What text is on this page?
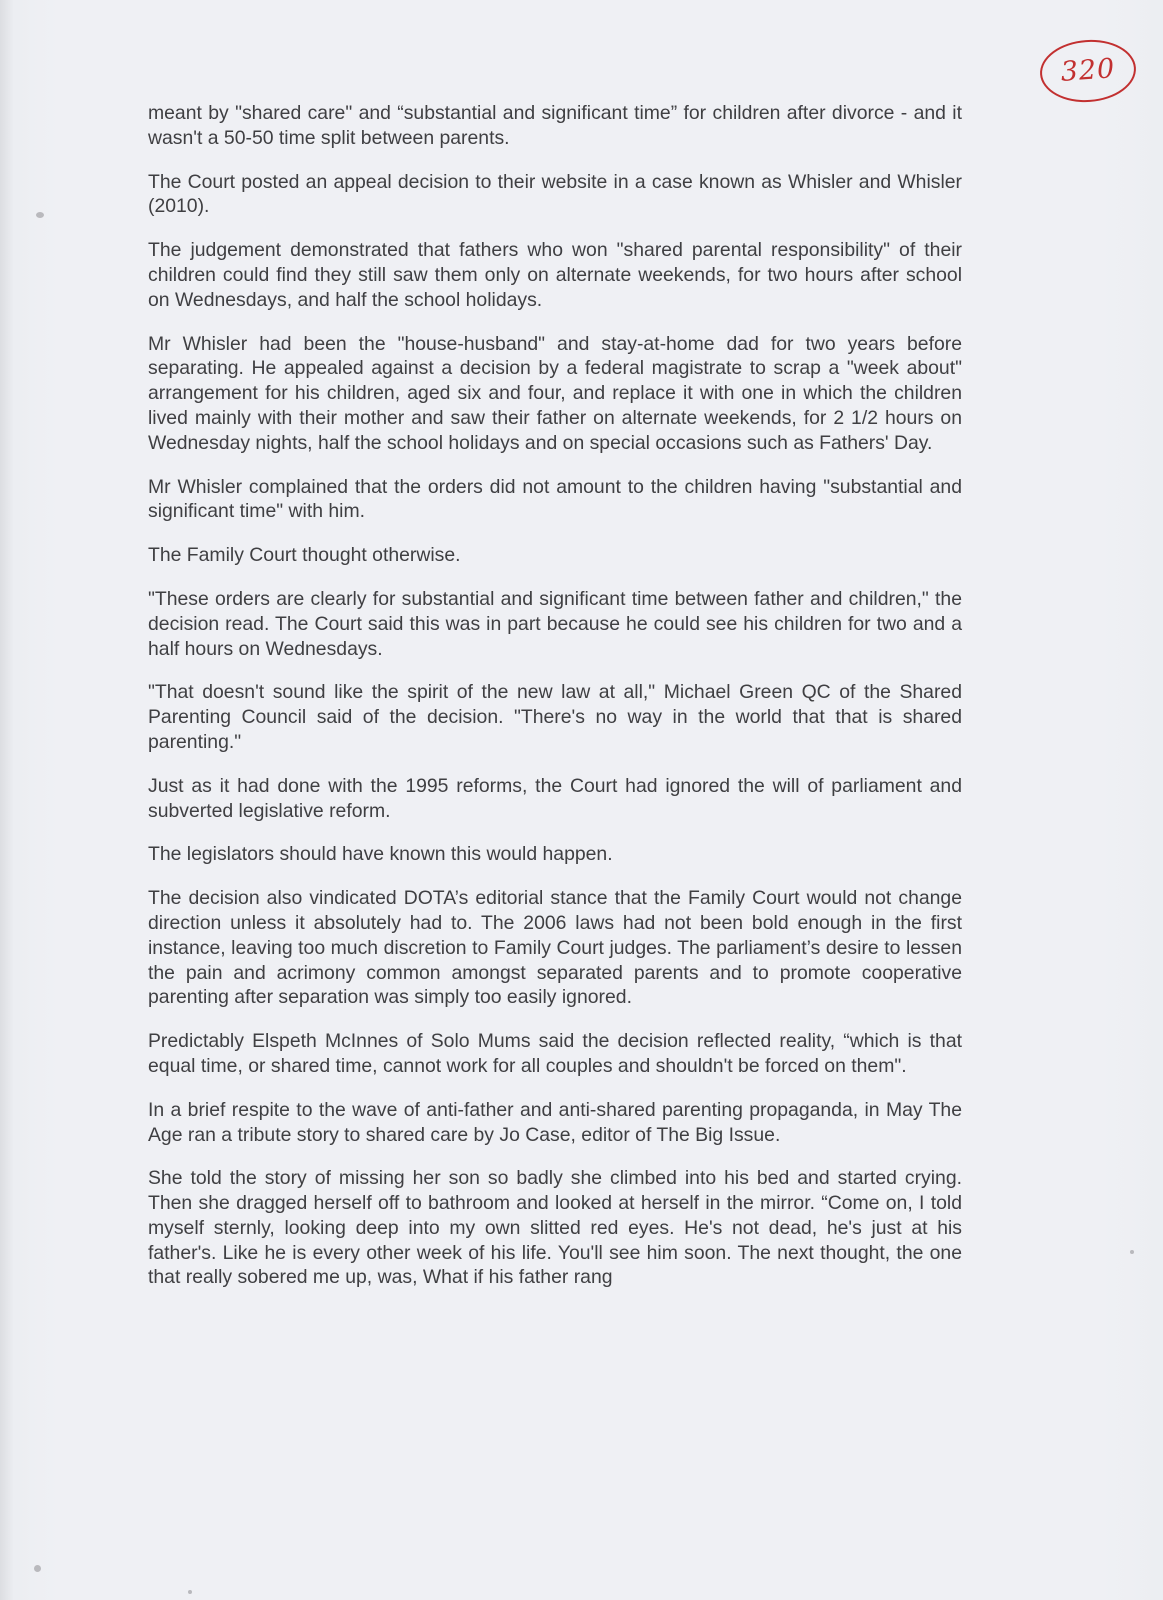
320

meant by "shared care" and “substantial and significant time” for children after divorce - and it wasn't a 50-50 time split between parents.

The Court posted an appeal decision to their website in a case known as Whisler and Whisler (2010).

The judgement demonstrated that fathers who won "shared parental responsibility" of their children could find they still saw them only on alternate weekends, for two hours after school on Wednesdays, and half the school holidays.

Mr Whisler had been the "house-husband" and stay-at-home dad for two years before separating. He appealed against a decision by a federal magistrate to scrap a "week about" arrangement for his children, aged six and four, and replace it with one in which the children lived mainly with their mother and saw their father on alternate weekends, for 2 1/2 hours on Wednesday nights, half the school holidays and on special occasions such as Fathers' Day.

Mr Whisler complained that the orders did not amount to the children having "substantial and significant time" with him.

The Family Court thought otherwise.

"These orders are clearly for substantial and significant time between father and children," the decision read. The Court said this was in part because he could see his children for two and a half hours on Wednesdays.

"That doesn't sound like the spirit of the new law at all," Michael Green QC of the Shared Parenting Council said of the decision. "There's no way in the world that that is shared parenting."

Just as it had done with the 1995 reforms, the Court had ignored the will of parliament and subverted legislative reform.

The legislators should have known this would happen.

The decision also vindicated DOTA’s editorial stance that the Family Court would not change direction unless it absolutely had to. The 2006 laws had not been bold enough in the first instance, leaving too much discretion to Family Court judges. The parliament’s desire to lessen the pain and acrimony common amongst separated parents and to promote cooperative parenting after separation was simply too easily ignored.

Predictably Elspeth McInnes of Solo Mums said the decision reflected reality, “which is that equal time, or shared time, cannot work for all couples and shouldn't be forced on them".

In a brief respite to the wave of anti-father and anti-shared parenting propaganda, in May The Age ran a tribute story to shared care by Jo Case, editor of The Big Issue.

She told the story of missing her son so badly she climbed into his bed and started crying. Then she dragged herself off to bathroom and looked at herself in the mirror. “Come on, I told myself sternly, looking deep into my own slitted red eyes. He's not dead, he's just at his father's. Like he is every other week of his life. You'll see him soon. The next thought, the one that really sobered me up, was, What if his father rang
